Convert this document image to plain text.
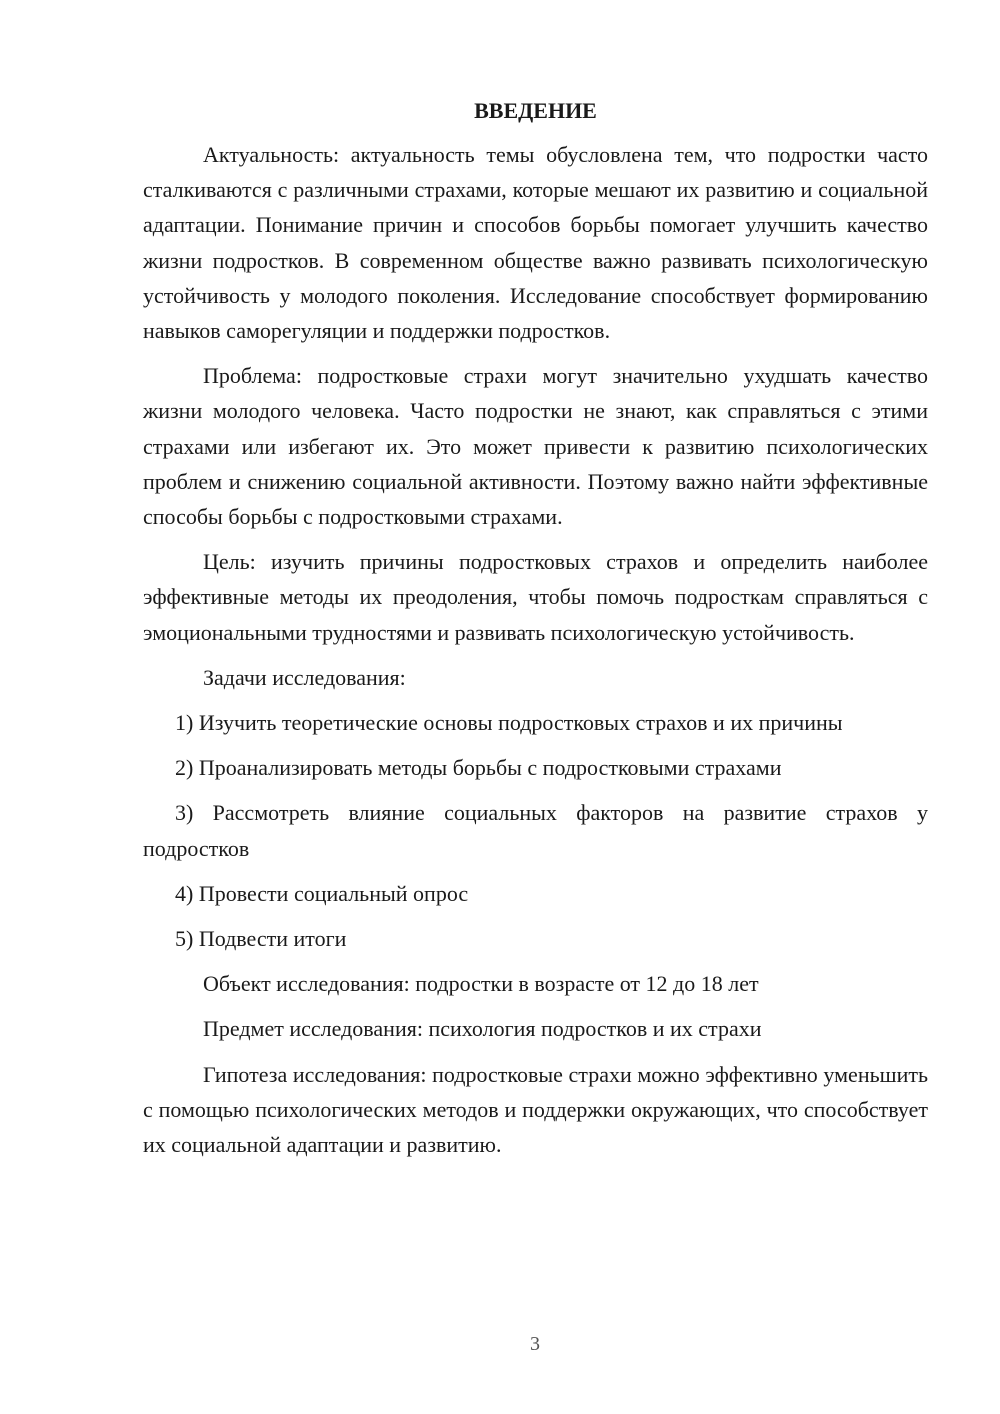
ВВЕДЕНИЕ

Актуальность: актуальность темы обусловлена тем, что подростки часто сталкиваются с различными страхами, которые мешают их развитию и социальной адаптации. Понимание причин и способов борьбы помогает улучшить качество жизни подростков. В современном обществе важно развивать психологическую устойчивость у молодого поколения. Исследование способствует формированию навыков саморегуляции и поддержки подростков.

Проблема: подростковые страхи могут значительно ухудшать качество жизни молодого человека. Часто подростки не знают, как справляться с этими страхами или избегают их. Это может привести к развитию психологических проблем и снижению социальной активности. Поэтому важно найти эффективные способы борьбы с подростковыми страхами.

Цель: изучить причины подростковых страхов и определить наиболее эффективные методы их преодоления, чтобы помочь подросткам справляться с эмоциональными трудностями и развивать психологическую устойчивость.

Задачи исследования:

1) Изучить теоретические основы подростковых страхов и их причины

2) Проанализировать методы борьбы с подростковыми страхами

3) Рассмотреть влияние социальных факторов на развитие страхов у подростков

4) Провести социальный опрос

5) Подвести итоги

Объект исследования: подростки в возрасте от 12 до 18 лет

Предмет исследования: психология подростков и их страхи

Гипотеза исследования: подростковые страхи можно эффективно уменьшить с помощью психологических методов и поддержки окружающих, что способствует их социальной адаптации и развитию.

3
